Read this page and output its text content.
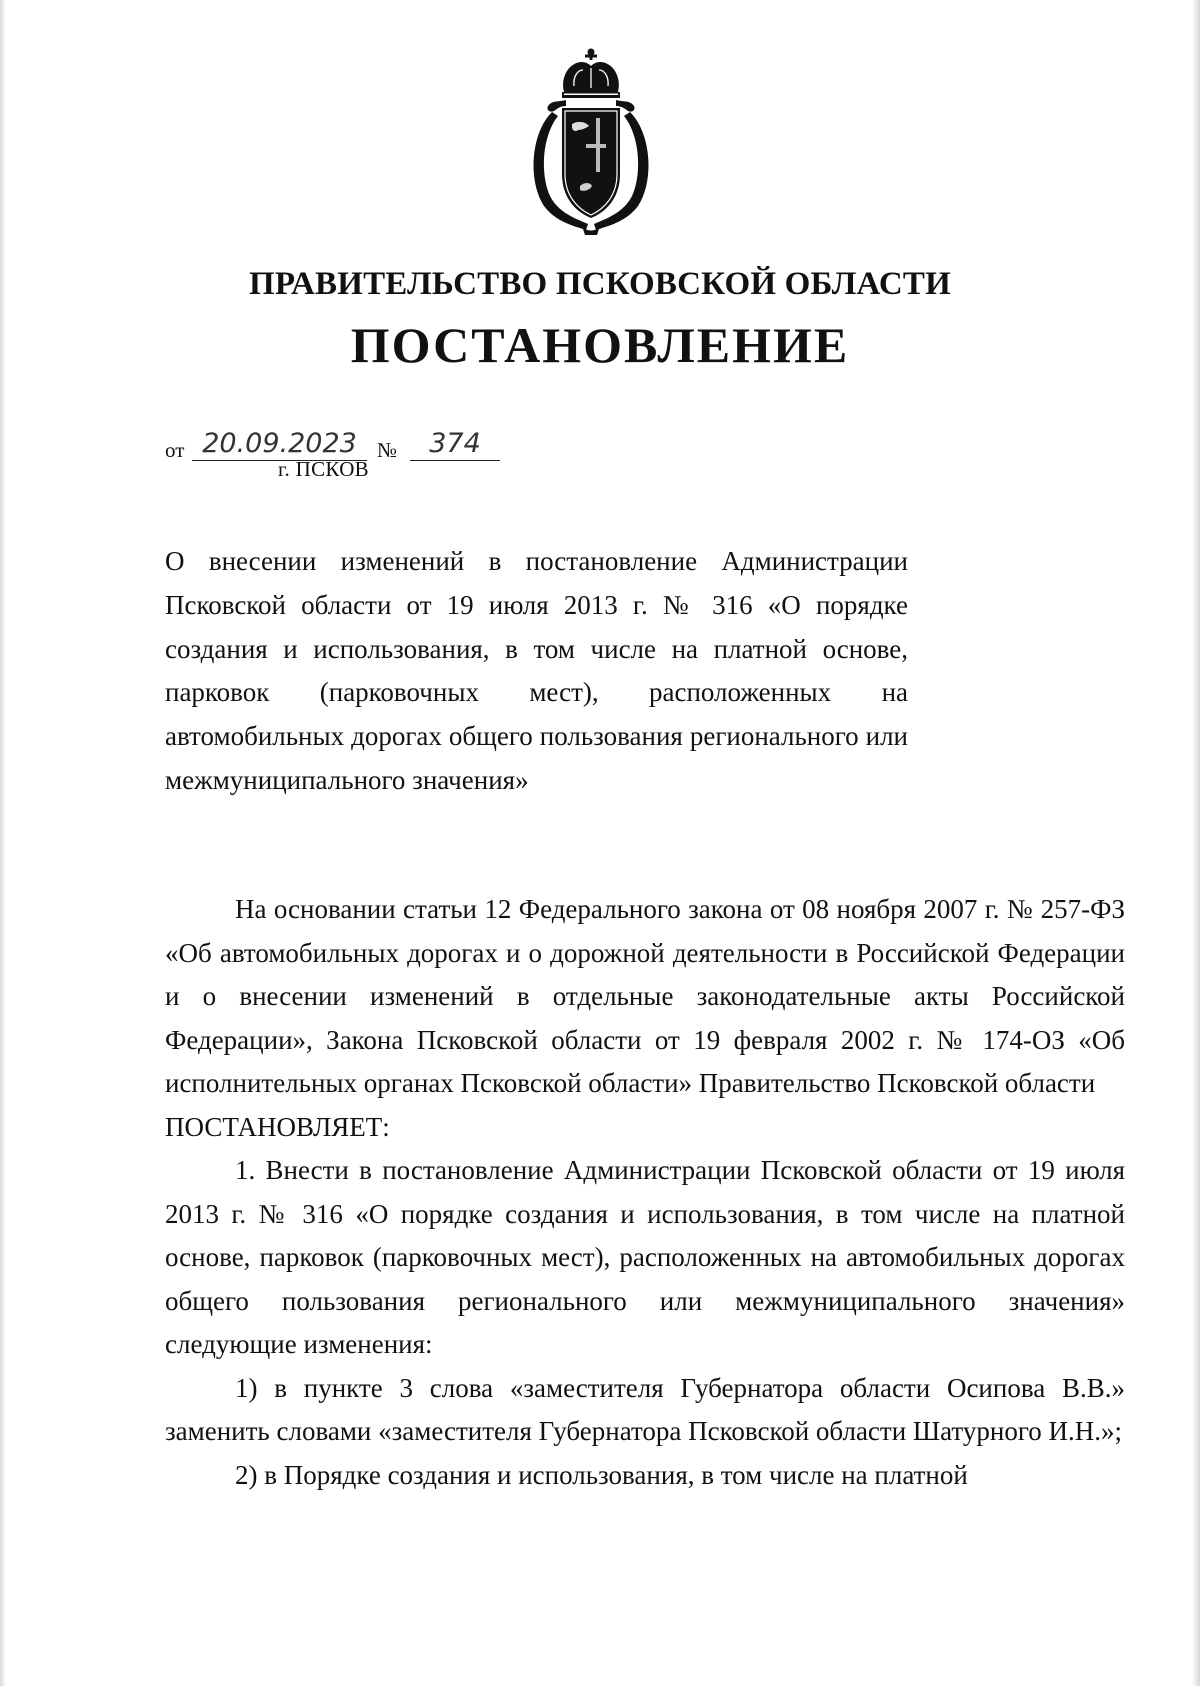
ПРАВИТЕЛЬСТВО ПСКОВСКОЙ ОБЛАСТИ
ПОСТАНОВЛЕНИЕ
от 20.09.2023 №	374
г. ПСКОВ
О внесении изменений в постановление Администрации Псковской области от 19 июля 2013 г. № 316 «О порядке создания и использования, в том числе на платной основе, парковок (парковочных мест), расположенных на автомобильных дорогах общего пользования регионального или межмуниципального значения»

На основании статьи 12 Федерального закона от 08 ноября 2007 г. № 257-ФЗ «Об автомобильных дорогах и о дорожной деятельности в Российской Федерации и о внесении изменений в отдельные законодательные акты Российской Федерации», Закона Псковской области от 19 февраля 2002 г. № 174-ОЗ «Об исполнительных органах Псковской области» Правительство Псковской области

ПОСТАНОВЛЯЕТ:

1. Внести в постановление Администрации Псковской области от 19 июля 2013 г. № 316 «О порядке создания и использования, в том числе на платной основе, парковок (парковочных мест), расположенных на автомобильных дорогах общего пользования регионального или межмуниципального значения» следующие изменения:

1) в пункте 3 слова «заместителя Губернатора области Осипова В.В.» заменить словами «заместителя Губернатора Псковской области Шатурного И.Н.»;

2) в Порядке создания и использования, в том числе на платной
